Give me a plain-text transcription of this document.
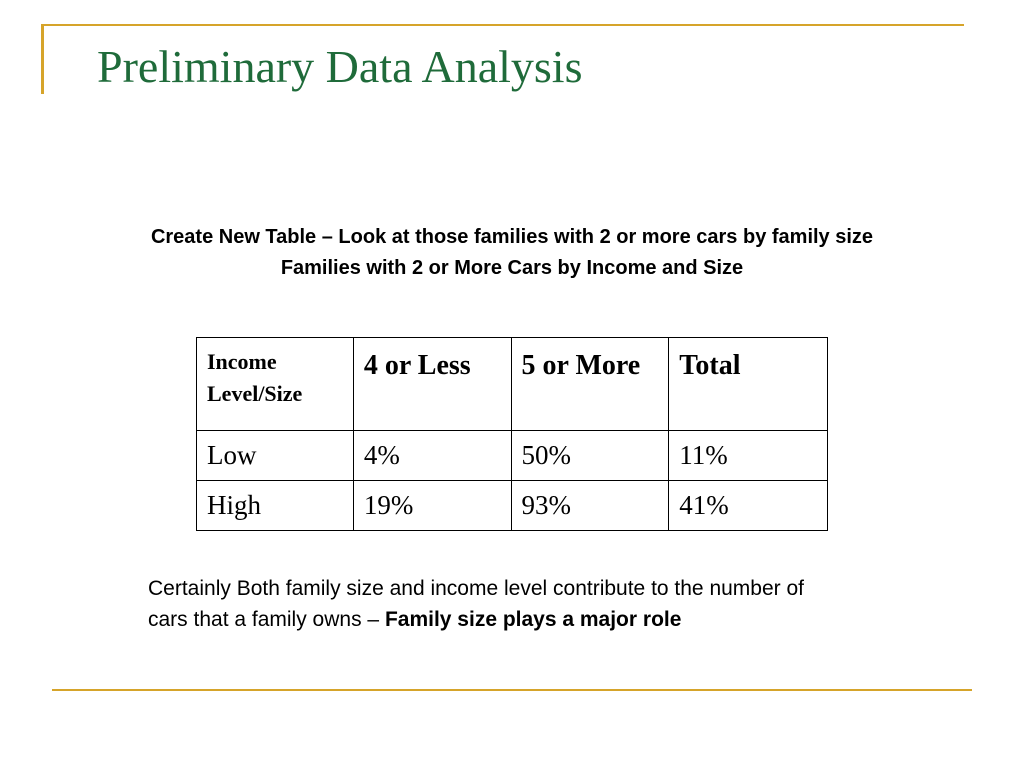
Preliminary Data Analysis
Create New Table – Look at those families with 2 or more cars by family size
Families with 2 or More Cars by Income and Size
Income Level/Size	4 or Less	5 or More	Total
Low	4%	50%	11%
High	19%	93%	41%
Certainly Both family size and income level contribute to the number of cars that a family owns – Family size plays a major role
